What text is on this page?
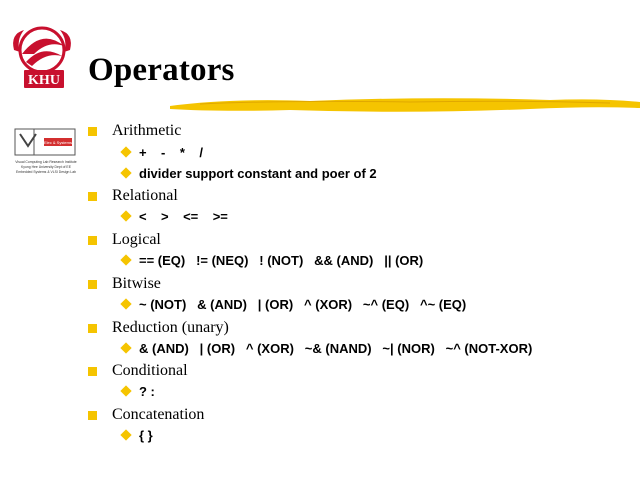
KHU Operators
Elec & Systems
Visual Computing Lab Research Institute
Kyung Hee University Dept of EE
Embedded Systems & VLSI Design Lab
Arithmetic
+    -    *    /
divider support constant and poer of 2
Relational
<    >    <=    >=
Logical
== (EQ)   != (NEQ)   ! (NOT)   && (AND)   || (OR)
Bitwise
~ (NOT)   & (AND)   | (OR)   ^ (XOR)   ~^ (EQ)   ^~ (EQ)
Reduction (unary)
& (AND)   | (OR)   ^ (XOR)   ~& (NAND)   ~| (NOR)   ~^ (NOT-XOR)
Conditional
? :
Concatenation
{ }
